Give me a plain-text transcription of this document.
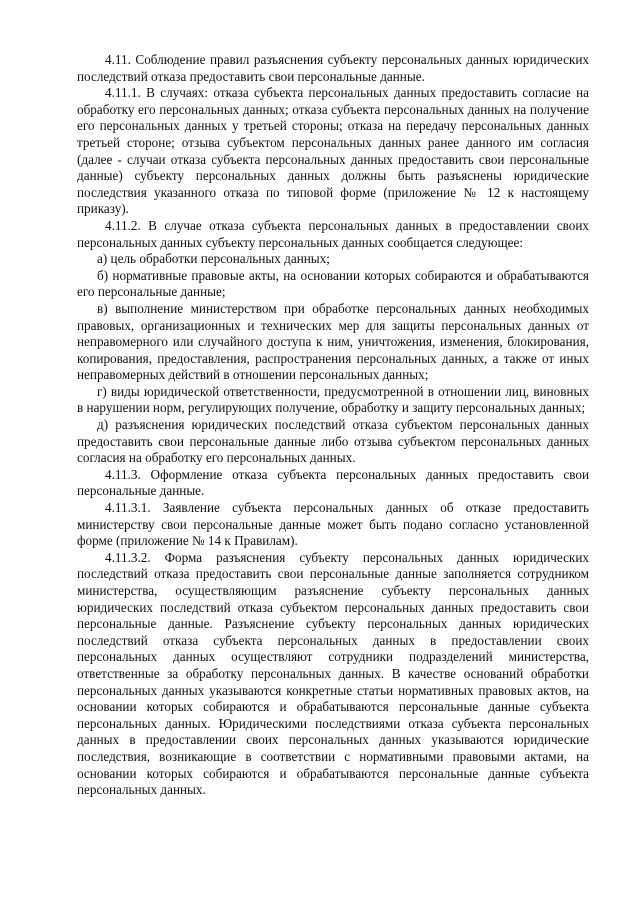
4.11. Соблюдение правил разъяснения субъекту персональных данных юридических последствий отказа предоставить свои персональные данные.

4.11.1. В случаях: отказа субъекта персональных данных предоставить согласие на обработку его персональных данных; отказа субъекта персональных данных на получение его персональных данных у третьей стороны; отказа на передачу персональных данных третьей стороне; отзыва субъектом персональных данных ранее данного им согласия (далее - случаи отказа субъекта персональных данных предоставить свои персональные данные) субъекту персональных данных должны быть разъяснены юридические последствия указанного отказа по типовой форме (приложение № 12 к настоящему приказу).

4.11.2. В случае отказа субъекта персональных данных в предоставлении своих персональных данных субъекту персональных данных сообщается следующее:

а) цель обработки персональных данных;

б) нормативные правовые акты, на основании которых собираются и обрабатываются его персональные данные;

в) выполнение министерством при обработке персональных данных необходимых правовых, организационных и технических мер для защиты персональных данных от неправомерного или случайного доступа к ним, уничтожения, изменения, блокирования, копирования, предоставления, распространения персональных данных, а также от иных неправомерных действий в отношении персональных данных;

г) виды юридической ответственности, предусмотренной в отношении лиц, виновных в нарушении норм, регулирующих получение, обработку и защиту персональных данных;

д) разъяснения юридических последствий отказа субъектом персональных данных предоставить свои персональные данные либо отзыва субъектом персональных данных согласия на обработку его персональных данных.

4.11.3. Оформление отказа субъекта персональных данных предоставить свои персональные данные.

4.11.3.1. Заявление субъекта персональных данных об отказе предоставить министерству свои персональные данные может быть подано согласно установленной форме (приложение № 14 к Правилам).

4.11.3.2. Форма разъяснения субъекту персональных данных юридических последствий отказа предоставить свои персональные данные заполняется сотрудником министерства, осуществляющим разъяснение субъекту персональных данных юридических последствий отказа субъектом персональных данных предоставить свои персональные данные. Разъяснение субъекту персональных данных юридических последствий отказа субъекта персональных данных в предоставлении своих персональных данных осуществляют сотрудники подразделений министерства, ответственные за обработку персональных данных. В качестве оснований обработки персональных данных указываются конкретные статьи нормативных правовых актов, на основании которых собираются и обрабатываются персональные данные субъекта персональных данных. Юридическими последствиями отказа субъекта персональных данных в предоставлении своих персональных данных указываются юридические последствия, возникающие в соответствии с нормативными правовыми актами, на основании которых собираются и обрабатываются персональные данные субъекта персональных данных.
